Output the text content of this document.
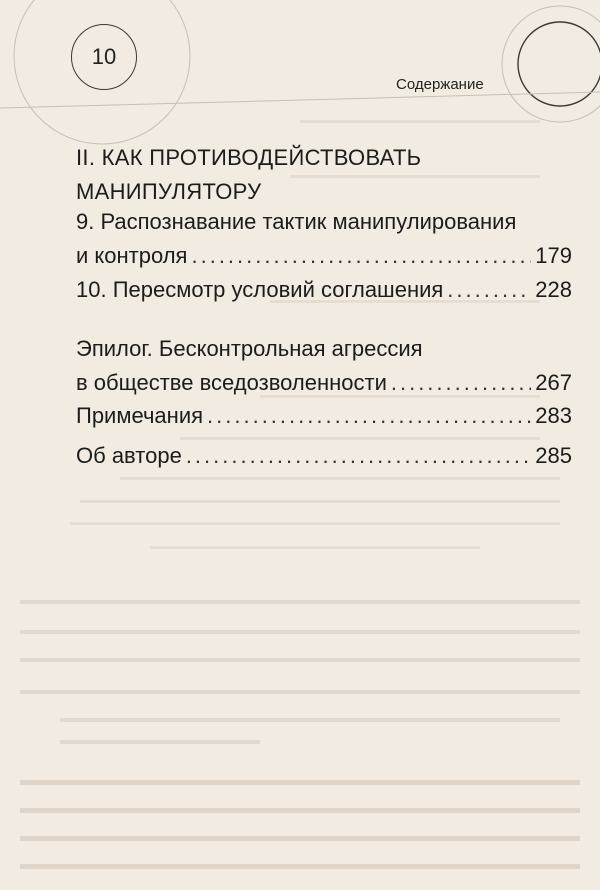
10
Содержание
II. КАК ПРОТИВОДЕЙСТВОВАТЬ
МАНИПУЛЯТОРУ
9. Распознавание тактик манипулирования
и контроля .....	179
10. Пересмотр условий соглашения .....	228
Эпилог. Бесконтрольная агрессия
в обществе вседозволенности .....	267
Примечания .....	283
Об авторе .....	285
